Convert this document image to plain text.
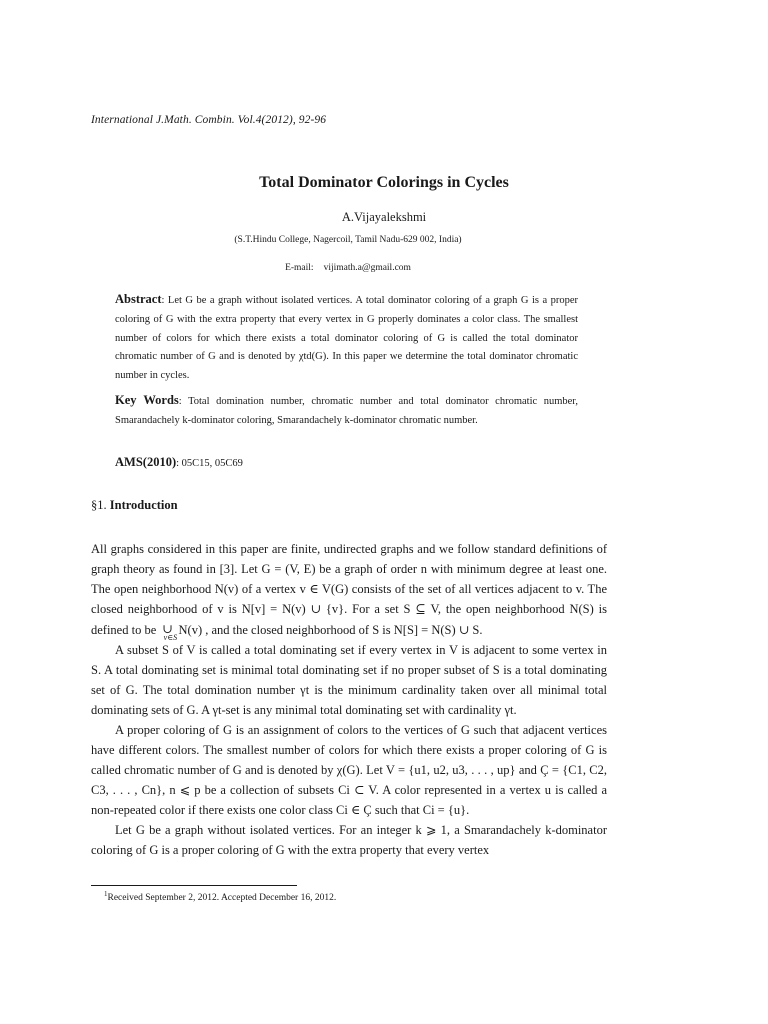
International J.Math. Combin. Vol.4(2012), 92-96
Total Dominator Colorings in Cycles
A.Vijayalekshmi
(S.T.Hindu College, Nagercoil, Tamil Nadu-629 002, India)
E-mail: vijimath.a@gmail.com
Abstract: Let G be a graph without isolated vertices. A total dominator coloring of a graph G is a proper coloring of G with the extra property that every vertex in G properly dominates a color class. The smallest number of colors for which there exists a total dominator coloring of G is called the total dominator chromatic number of G and is denoted by χtd(G). In this paper we determine the total dominator chromatic number in cycles.
Key Words: Total domination number, chromatic number and total dominator chromatic number, Smarandachely k-dominator coloring, Smarandachely k-dominator chromatic number.
AMS(2010): 05C15, 05C69
§1. Introduction

All graphs considered in this paper are finite, undirected graphs and we follow standard definitions of graph theory as found in [3]. Let G = (V, E) be a graph of order n with minimum degree at least one. The open neighborhood N(v) of a vertex v ∈ V(G) consists of the set of all vertices adjacent to v. The closed neighborhood of v is N[v] = N(v) ∪ {v}. For a set S ⊆ V, the open neighborhood N(S) is defined to be ∪
v∈S
N(v) , and the closed neighborhood of S is N[S] = N(S) ∪ S.

A subset S of V is called a total dominating set if every vertex in V is adjacent to some vertex in S. A total dominating set is minimal total dominating set if no proper subset of S is a total dominating set of G. The total domination number γt is the minimum cardinality taken over all minimal total dominating sets of G. A γt-set is any minimal total dominating set with cardinality γt.

A proper coloring of G is an assignment of colors to the vertices of G such that adjacent vertices have different colors. The smallest number of colors for which there exists a proper coloring of G is called chromatic number of G and is denoted by χ(G). Let V = {u1, u2, u3, . . . , up} and Ç = {C1, C2, C3, . . . , Cn}, n ⩽ p be a collection of subsets Ci ⊂ V. A color represented in a vertex u is called a non-repeated color if there exists one color class Ci ∈ Ç such that Ci = {u}.

Let G be a graph without isolated vertices. For an integer k ⩾ 1, a Smarandachely k-dominator coloring of G is a proper coloring of G with the extra property that every vertex

$^1$Received September 2, 2012. Accepted December 16, 2012.
